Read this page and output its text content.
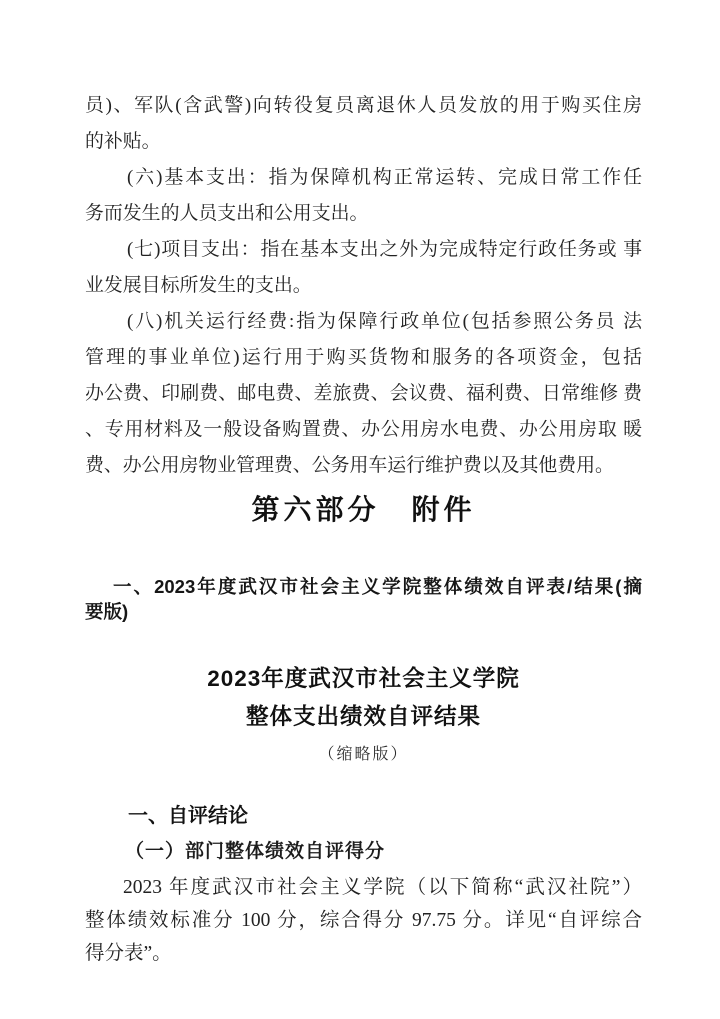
员)、军队(含武警)向转役复员离退休人员发放的用于购买住房
的补贴。
(六)基本支出：指为保障机构正常运转、完成日常工作任
务而发生的人员支出和公用支出。
(七)项目支出：指在基本支出之外为完成特定行政任务或 事
业发展目标所发生的支出。
(八)机关运行经费:指为保障行政单位(包括参照公务员 法
管理的事业单位)运行用于购买货物和服务的各项资金，包括
办公费、印刷费、邮电费、差旅费、会议费、福利费、日常维修 费
、专用材料及一般设备购置费、办公用房水电费、办公用房取 暖
费、办公用房物业管理费、公务用车运行维护费以及其他费用。
第六部分　附件
一、2023年度武汉市社会主义学院整体绩效自评表/结果(摘
要版)
2023年度武汉市社会主义学院
整体支出绩效自评结果
（缩略版）
一、自评结论
（一）部门整体绩效自评得分
2023 年度武汉市社会主义学院（以下简称“武汉社院”）
整体绩效标准分 100 分，综合得分 97.75 分。详见“自评综合
得分表”。
